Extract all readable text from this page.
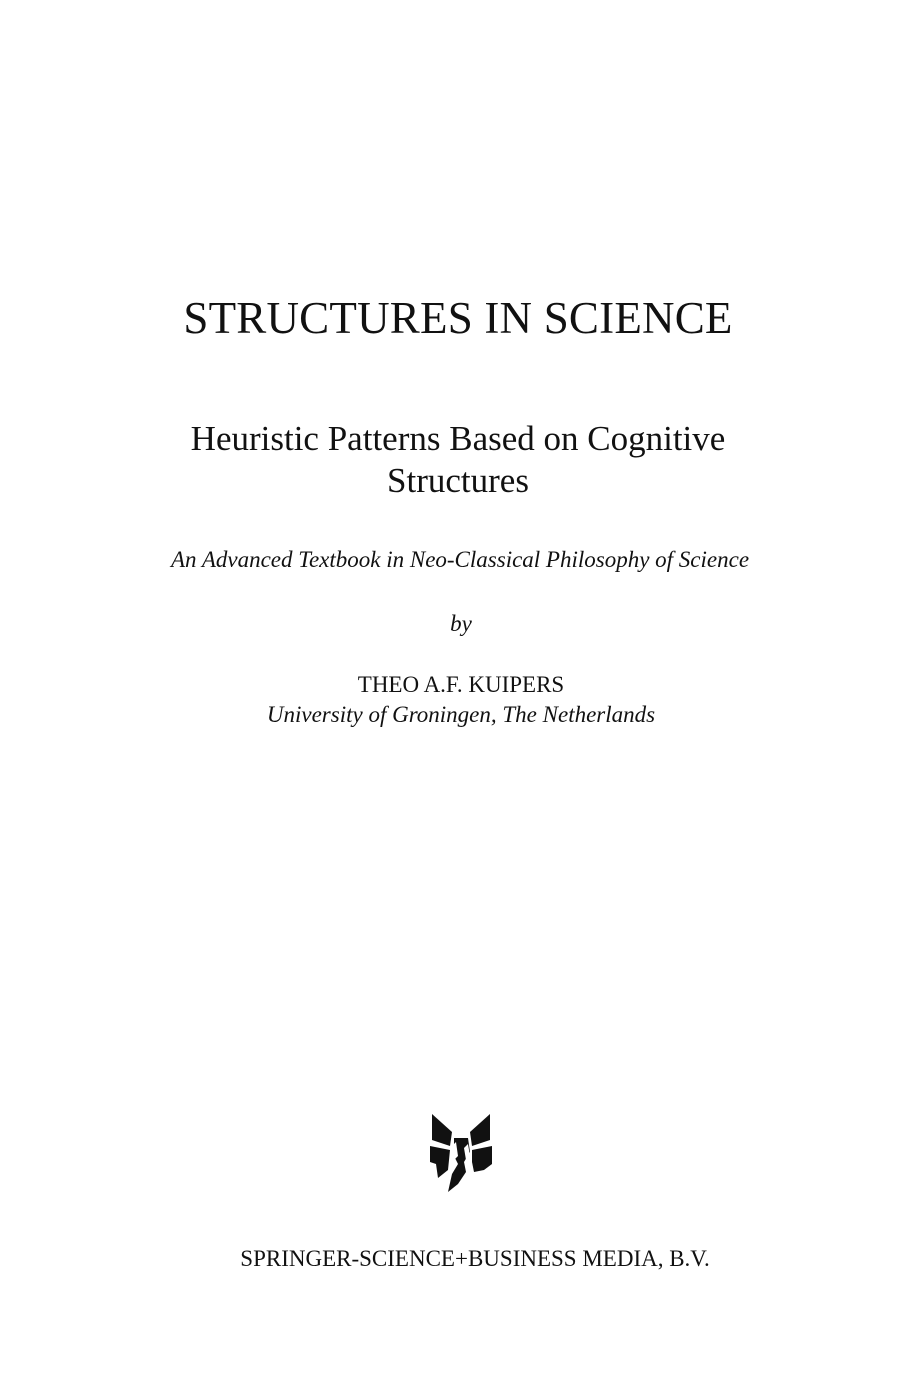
STRUCTURES IN SCIENCE
Heuristic Patterns Based on Cognitive
Structures

An Advanced Textbook in Neo-Classical Philosophy of Science

by

THEO A.F. KUIPERS

University of Groningen, The Netherlands

SPRINGER-SCIENCE+BUSINESS MEDIA, B.V.
